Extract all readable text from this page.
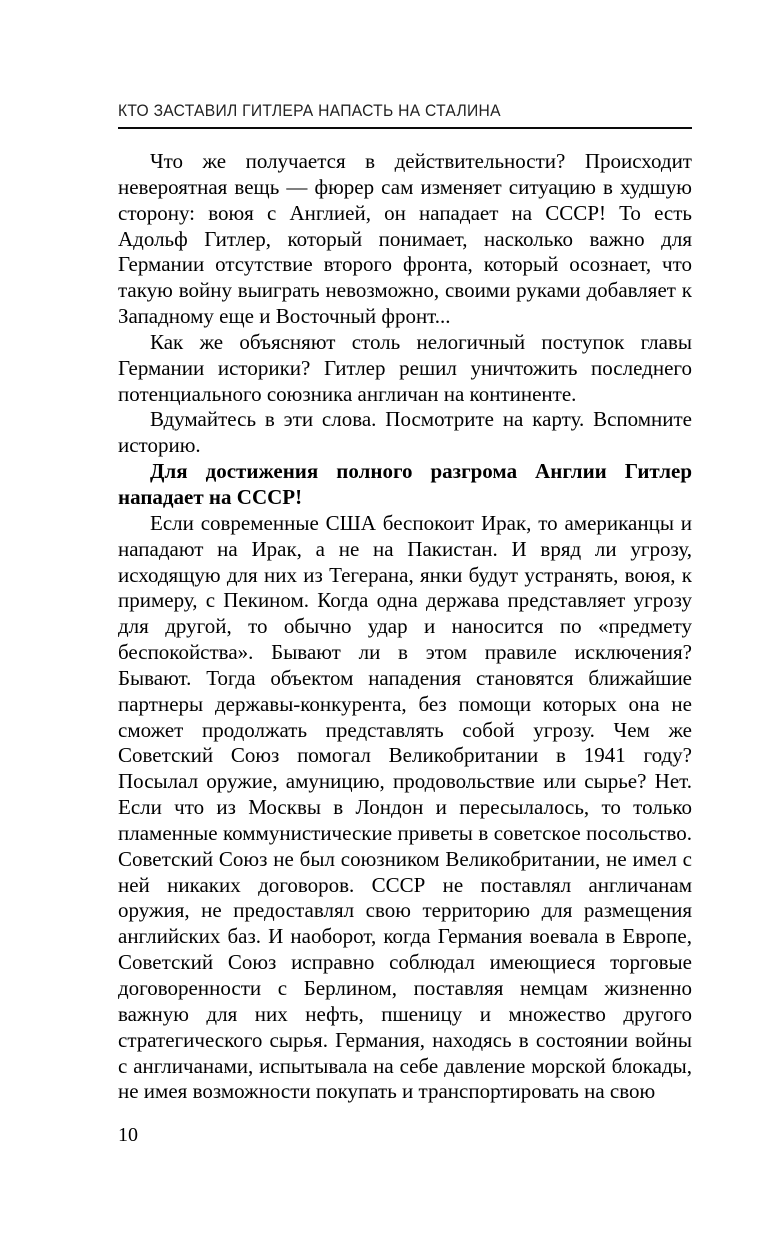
КТО ЗАСТАВИЛ ГИТЛЕРА НАПАСТЬ НА СТАЛИНА

Что же получается в действительности? Происходит невероятная вещь — фюрер сам изменяет ситуацию в худшую сторону: воюя с Англией, он нападает на СССР! То есть Адольф Гитлер, который понимает, насколько важно для Германии отсутствие второго фронта, который осознает, что такую войну выиграть невозможно, своими руками добавляет к Западному еще и Восточный фронт...

Как же объясняют столь нелогичный поступок главы Германии историки? Гитлер решил уничтожить последнего потенциального союзника англичан на континенте.

Вдумайтесь в эти слова. Посмотрите на карту. Вспомните историю.

Для достижения полного разгрома Англии Гитлер нападает на СССР!

Если современные США беспокоит Ирак, то американцы и нападают на Ирак, а не на Пакистан. И вряд ли угрозу, исходящую для них из Тегерана, янки будут устранять, воюя, к примеру, с Пекином. Когда одна держава представляет угрозу для другой, то обычно удар и наносится по «предмету беспокойства». Бывают ли в этом правиле исключения? Бывают. Тогда объектом нападения становятся ближайшие партнеры державы-конкурента, без помощи которых она не сможет продолжать представлять собой угрозу. Чем же Советский Союз помогал Великобритании в 1941 году? Посылал оружие, амуницию, продовольствие или сырье? Нет. Если что из Москвы в Лондон и пересылалось, то только пламенные коммунистические приветы в советское посольство. Советский Союз не был союзником Великобритании, не имел с ней никаких договоров. СССР не поставлял англичанам оружия, не предоставлял свою территорию для размещения английских баз. И наоборот, когда Германия воевала в Европе, Советский Союз исправно соблюдал имеющиеся торговые договоренности с Берлином, поставляя немцам жизненно важную для них нефть, пшеницу и множество другого стратегического сырья. Германия, находясь в состоянии войны с англичанами, испытывала на себе давление морской блокады, не имея возможности покупать и транспортировать на свою

10
